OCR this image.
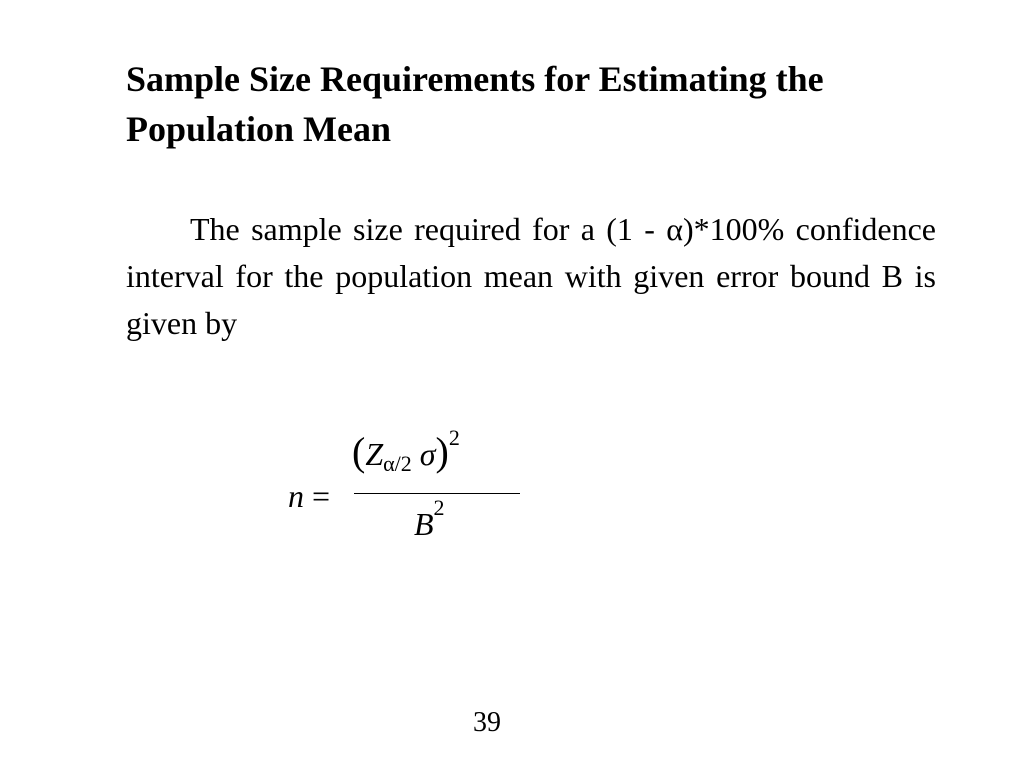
Sample Size Requirements for Estimating the Population Mean

The sample size required for a (1 - α)*100% confidence interval for the population mean with given error bound B is given by

n =
(Zα/2 σ)$^2$
$B^2$
39
